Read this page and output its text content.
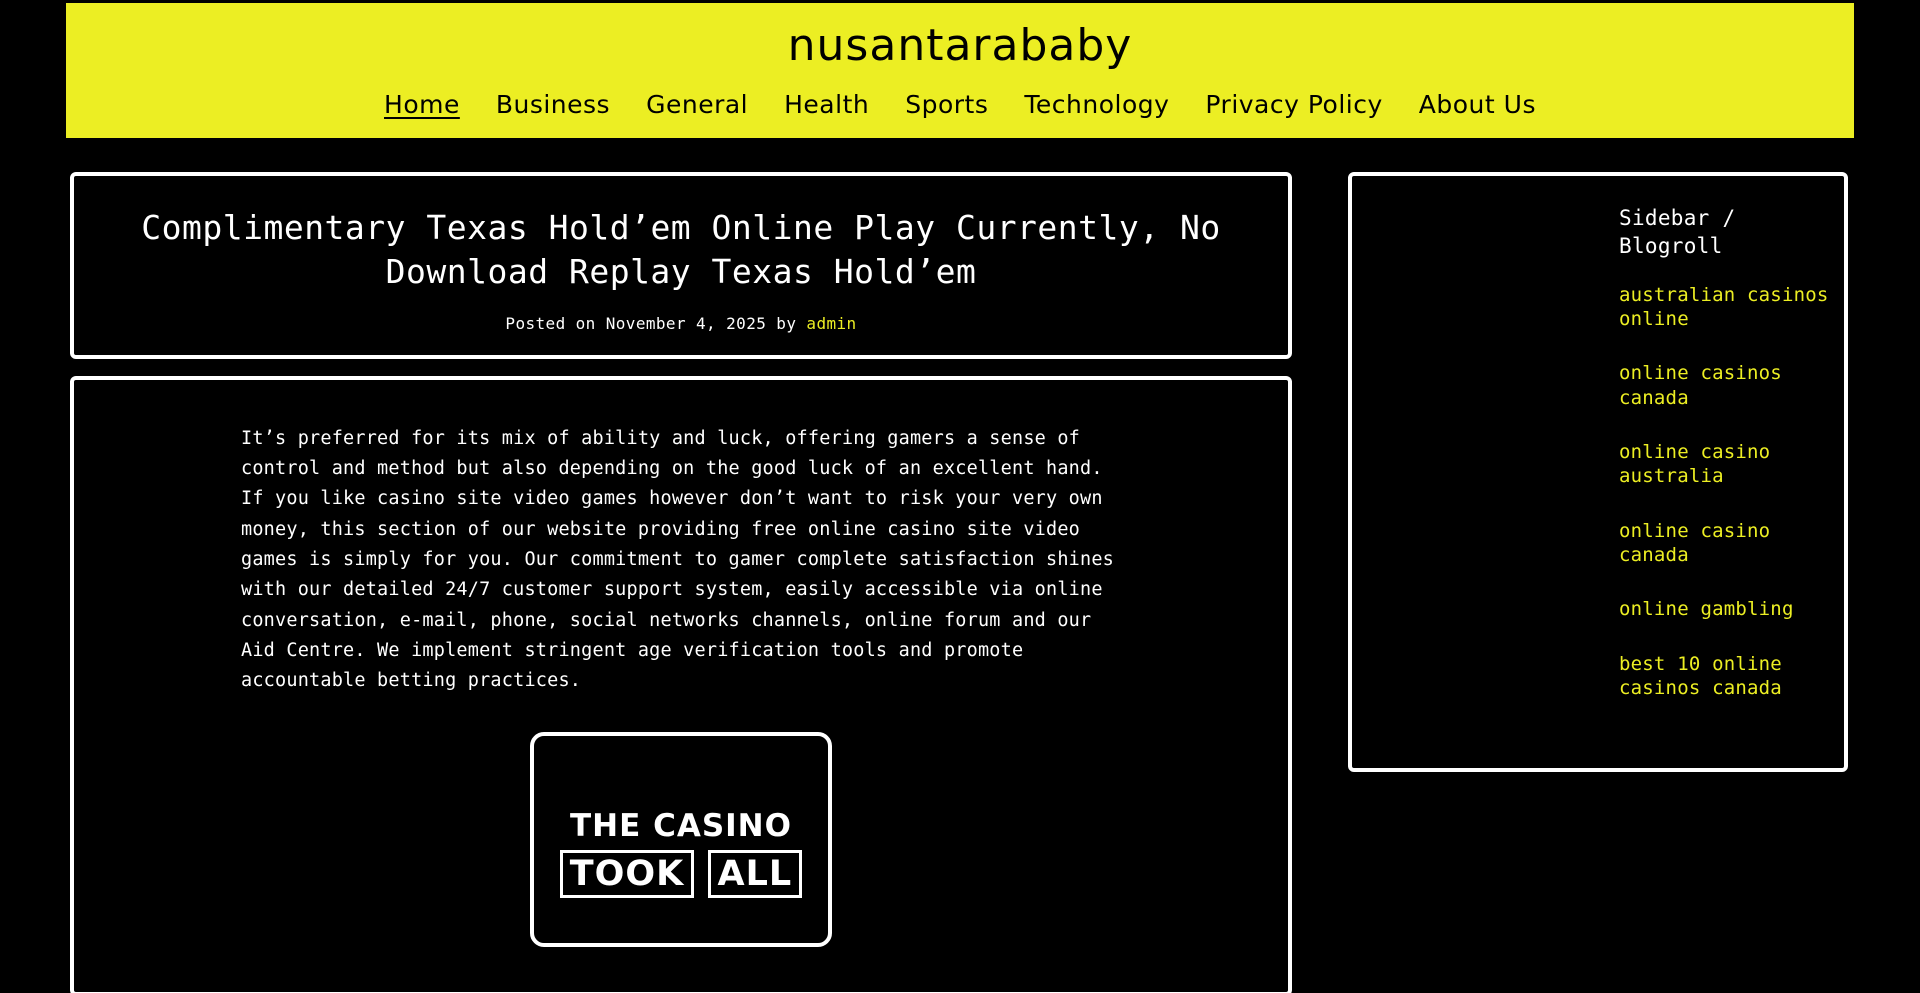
nusantarababy
Home Business General Health Sports Technology Privacy Policy About Us
Complimentary Texas Hold’em Online Play Currently, No Download Replay Texas Hold’em
Posted on November 4, 2025 by admin

It’s preferred for its mix of ability and luck, offering gamers a sense of control and method but also depending on the good luck of an excellent hand. If you like casino site video games however don’t want to risk your very own money, this section of our website providing free online casino site video games is simply for you. Our commitment to gamer complete satisfaction shines with our detailed 24/7 customer support system, easily accessible via online conversation, e-mail, phone, social networks channels, online forum and our Aid Centre. We implement stringent age verification tools and promote accountable betting practices.

THE CASINO
TOOK ALL
Sidebar / Blogroll
australian casinos online
online casinos canada
online casino australia
online casino canada
online gambling
best 10 online casinos canada
